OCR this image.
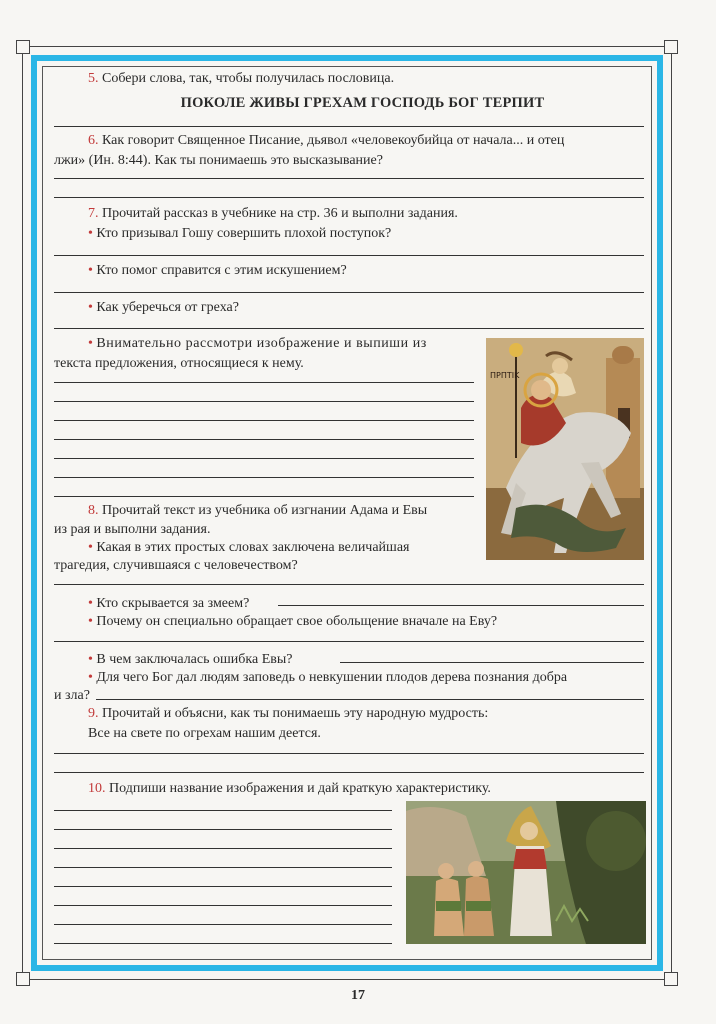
5. Собери слова, так, чтобы получилась пословица.
ПОКОЛЕ ЖИВЫ ГРЕХАМ ГОСПОДЬ БОГ ТЕРПИТ
6. Как говорит Священное Писание, дьявол «человекоубийца от начала... и отец
лжи» (Ин. 8:44). Как ты понимаешь это высказывание?
7. Прочитай рассказ в учебнике на стр. 36 и выполни задания.
• Кто призывал Гошу совершить плохой поступок?
• Кто помог справится с этим искушением?
• Как уберечься от греха?
• Внимательно рассмотри изображение и выпиши из
текста предложения, относящиеся к нему.
ΠΡΠΤΙΚ
8. Прочитай текст из учебника об изгнании Адама и Евы
из рая и выполни задания.
• Какая в этих простых словах заключена величайшая
трагедия, случившаяся с человечеством?
• Кто скрывается за змеем?
• Почему он специально обращает свое обольщение вначале на Еву?
• В чем заключалась ошибка Евы?
• Для чего Бог дал людям заповедь о невкушении плодов дерева познания добра
и зла?
9. Прочитай и объясни, как ты понимаешь эту народную мудрость:
Все на свете по огрехам нашим деется.
10. Подпиши название изображения и дай краткую характеристику.
17
